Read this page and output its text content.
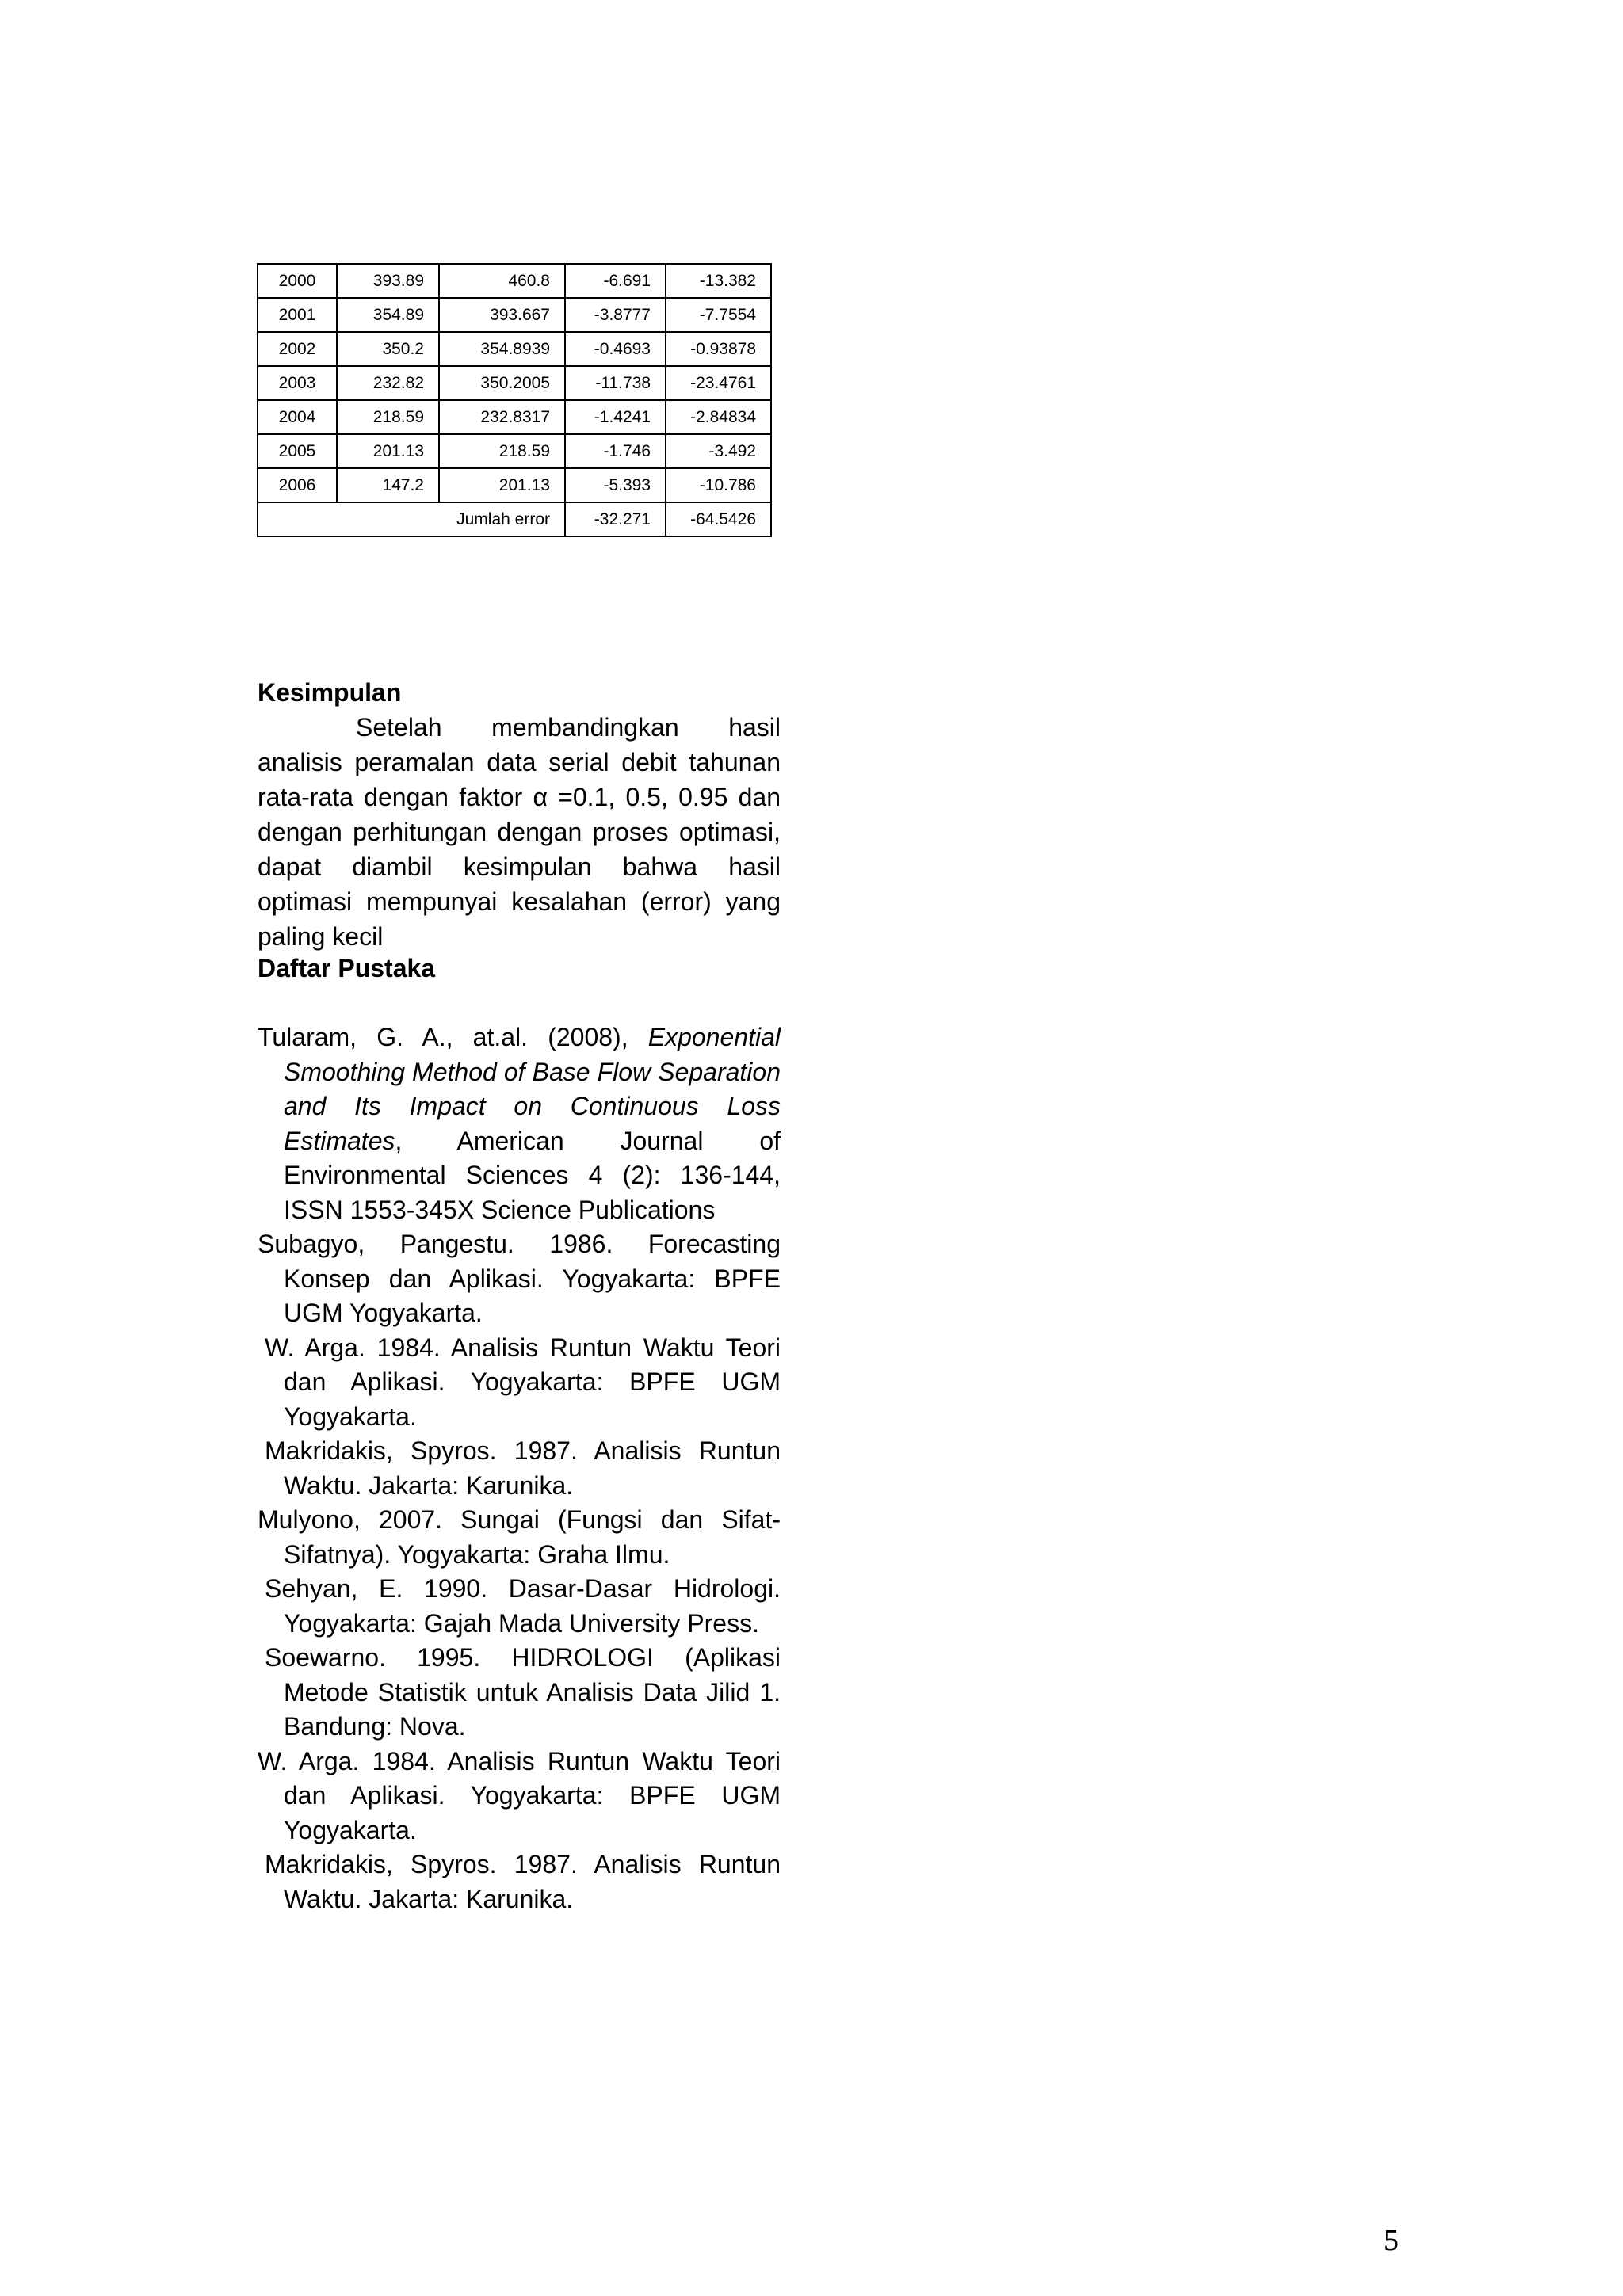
2000	393.89	460.8	-6.691	-13.382
2001	354.89	393.667	-3.8777	-7.7554
2002	350.2	354.8939	-0.4693	-0.93878
2003	232.82	350.2005	-11.738	-23.4761
2004	218.59	232.8317	-1.4241	-2.84834
2005	201.13	218.59	-1.746	-3.492
2006	147.2	201.13	-5.393	-10.786
Jumlah error			-32.271	-64.5426
Kesimpulan

Setelah membandingkan hasil analisis peramalan data serial debit tahunan rata-rata dengan faktor α =0.1, 0.5, 0.95 dan dengan perhitungan dengan proses optimasi, dapat diambil kesimpulan bahwa hasil optimasi mempunyai kesalahan (error) yang paling kecil

Daftar Pustaka

Tularam, G. A., at.al. (2008), Exponential Smoothing Method of Base Flow Separation and Its Impact on Continuous Loss Estimates, American Journal of Environmental Sciences 4 (2): 136-144, ISSN 1553-345X Science Publications

Subagyo, Pangestu. 1986. Forecasting Konsep dan Aplikasi. Yogyakarta: BPFE UGM Yogyakarta.

W. Arga. 1984. Analisis Runtun Waktu Teori dan Aplikasi. Yogyakarta: BPFE UGM Yogyakarta.

Makridakis, Spyros. 1987. Analisis Runtun Waktu. Jakarta: Karunika.

Mulyono, 2007. Sungai (Fungsi dan Sifat-Sifatnya). Yogyakarta: Graha Ilmu.

Sehyan, E. 1990. Dasar-Dasar Hidrologi. Yogyakarta: Gajah Mada University Press.

Soewarno. 1995. HIDROLOGI (Aplikasi Metode Statistik untuk Analisis Data Jilid 1. Bandung: Nova.

W. Arga. 1984. Analisis Runtun Waktu Teori dan Aplikasi. Yogyakarta: BPFE UGM Yogyakarta.

Makridakis, Spyros. 1987. Analisis Runtun Waktu. Jakarta: Karunika.

5
